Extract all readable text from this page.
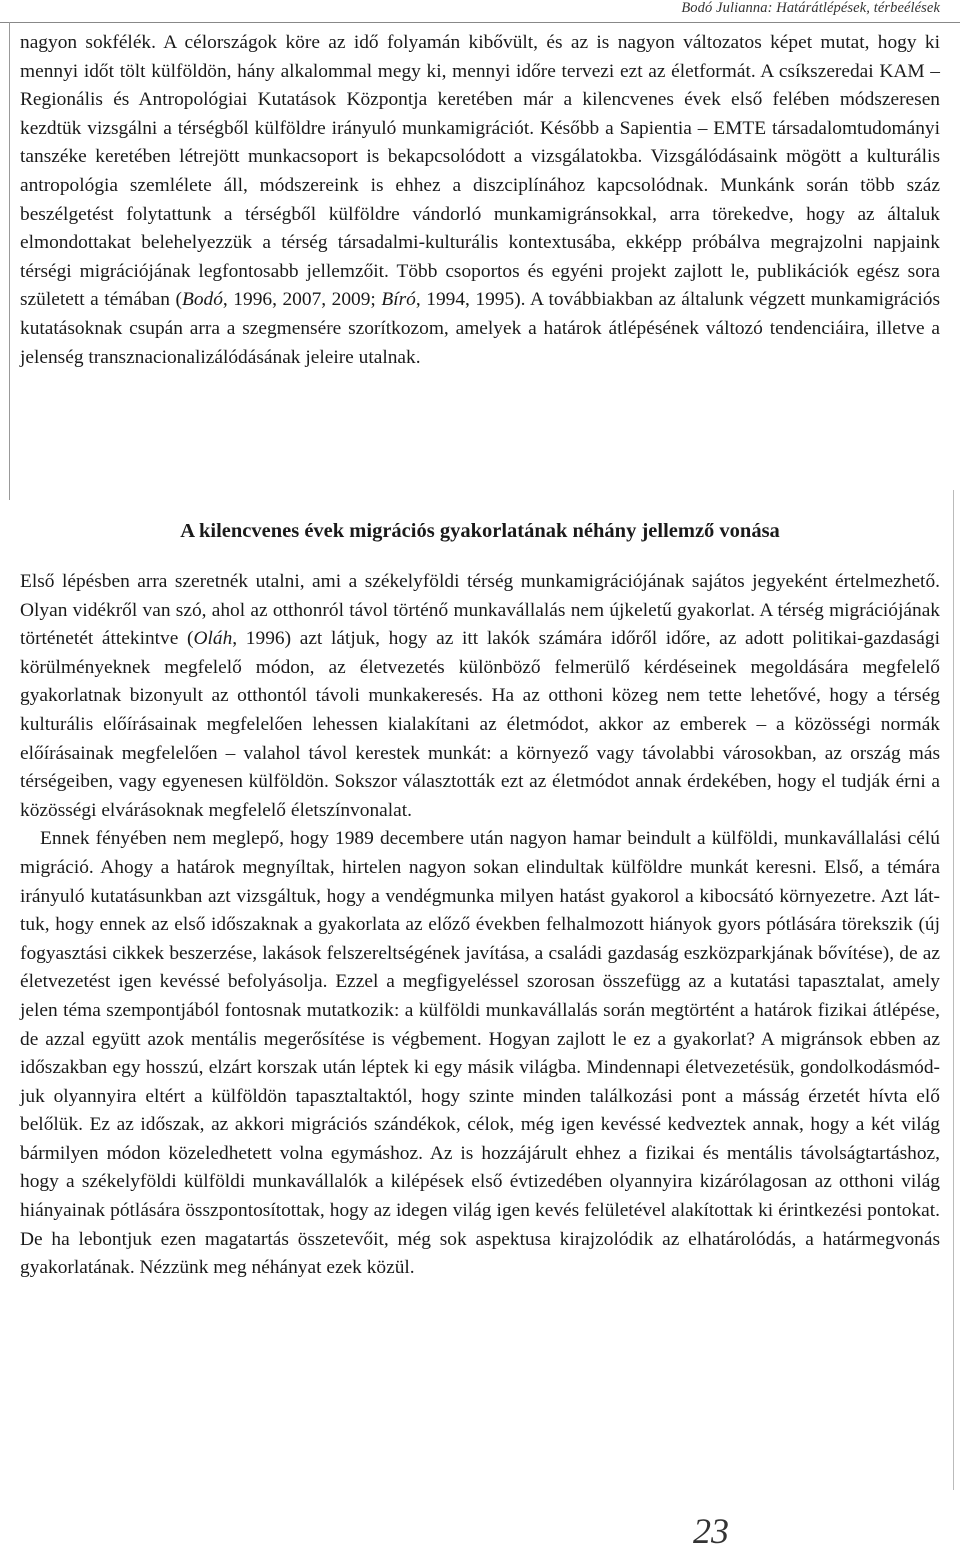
Bodó Julianna: Határátlépések, térbeélések

nagyon sokfélék. A célországok köre az idő folyamán kibővült, és az is nagyon változatos képet mutat, hogy ki mennyi időt tölt külföldön, hány alkalommal megy ki, mennyi időre tervezi ezt az életformát. A csíkszeredai KAM – Regionális és Antropológiai Kutatások Központja keretében már a kilencvenes évek első felében módszeresen kezdtük vizsgálni a térségből külföldre irányuló munkamigrációt. Később a Sapientia – EMTE társadalomtudományi tanszéke keretében létrejött munkacsoport is bekapcsolódott a vizsgálatokba. Vizsgálódásaink mögött a kulturális antropológia szemlélete áll, módszereink is ehhez a diszciplínához kapcsolódnak. Munkánk során több száz beszélgetést folytattunk a térségből külföldre vándorló munkamigránsokkal, arra törekedve, hogy az általuk elmondottakat belehelyezzük a térség társadalmi-kulturális kontextusába, ekképp próbálva megrajzolni napjaink térségi migrációjának legfontosabb jellemzőit. Több csoportos és egyéni projekt zajlott le, publikációk egész sora született a témában (Bodó, 1996, 2007, 2009; Bíró, 1994, 1995). A továbbiakban az általunk végzett munkamigrációs kutatásoknak csupán arra a szegmensére szorítkozom, amelyek a határok átlépésének változó tendenciáira, illetve a jelenség transznacionalizálódásának jeleire utalnak.

A kilencvenes évek migrációs gyakorlatának néhány jellemző vonása

Első lépésben arra szeretnék utalni, ami a székelyföldi térség munkamigrációjának sajátos jegyeként értelmezhető. Olyan vidékről van szó, ahol az otthonról távol történő munkavállalás nem újkeletű gyakorlat. A térség migrációjának történetét áttekintve (Oláh, 1996) azt látjuk, hogy az itt lakók számára időről időre, az adott politikai-gazdasági körülményeknek megfelelő módon, az életvezetés különböző felmerülő kérdéseinek megoldására megfelelő gyakorlatnak bizonyult az otthontól távoli munkakeresés. Ha az otthoni közeg nem tette lehetővé, hogy a térség kulturális előírásainak megfelelően lehessen kialakítani az életmódot, akkor az emberek – a közösségi normák előírásainak megfelelően – valahol távol kerestek munkát: a környező vagy távolabbi városokban, az ország más térségeiben, vagy egyenesen külföldön. Sokszor választották ezt az életmódot annak érdekében, hogy el tudják érni a közösségi elvárásoknak megfelelő életszínvonalat.

Ennek fényében nem meglepő, hogy 1989 decembere után nagyon hamar beindult a külföldi, munkavállalási célú migráció. Ahogy a határok megnyíltak, hirtelen nagyon sokan elindultak külföldre munkát keresni. Első, a témára irányuló kutatásunkban azt vizsgáltuk, hogy a vendégmunka milyen hatást gyakorol a kibocsátó környezetre. Azt láttuk, hogy ennek az első időszaknak a gyakorlata az előző években felhalmozott hiányok gyors pótlására törekszik (új fogyasztási cikkek beszerzése, lakások felszereltségének javítása, a családi gazdaság eszközparkjának bővítése), de az életvezetést igen kevéssé befolyásolja. Ezzel a megfigyeléssel szorosan összefügg az a kutatási tapasztalat, amely jelen téma szempontjából fontosnak mutatkozik: a külföldi munkavállalás során megtörtént a határok fizikai átlépése, de azzal együtt azok mentális megerősítése is végbement. Hogyan zajlott le ez a gyakorlat? A migránsok ebben az időszakban egy hosszú, elzárt korszak után léptek ki egy másik világba. Mindennapi életvezetésük, gondolkodásmódjuk olyannyira eltért a külföldön tapasztaltaktól, hogy szinte minden találkozási pont a másság érzetét hívta elő belőlük. Ez az időszak, az akkori migrációs szándékok, célok, még igen kevéssé kedveztek annak, hogy a két világ bármilyen módon közeledhetett volna egymáshoz. Az is hozzájárult ehhez a fizikai és mentális távolságtartáshoz, hogy a székelyföldi külföldi munkavállalók a kilépések első évtizedében olyannyira kizárólagosan az otthoni világ hiányainak pótlására összpontosítottak, hogy az idegen világ igen kevés felületével alakítottak ki érintkezési pontokat. De ha lebontjuk ezen magatartás összetevőit, még sok aspektusa kirajzolódik az elhatárolódás, a határmegvonás gyakorlatának. Nézzünk meg néhányat ezek közül.

23
